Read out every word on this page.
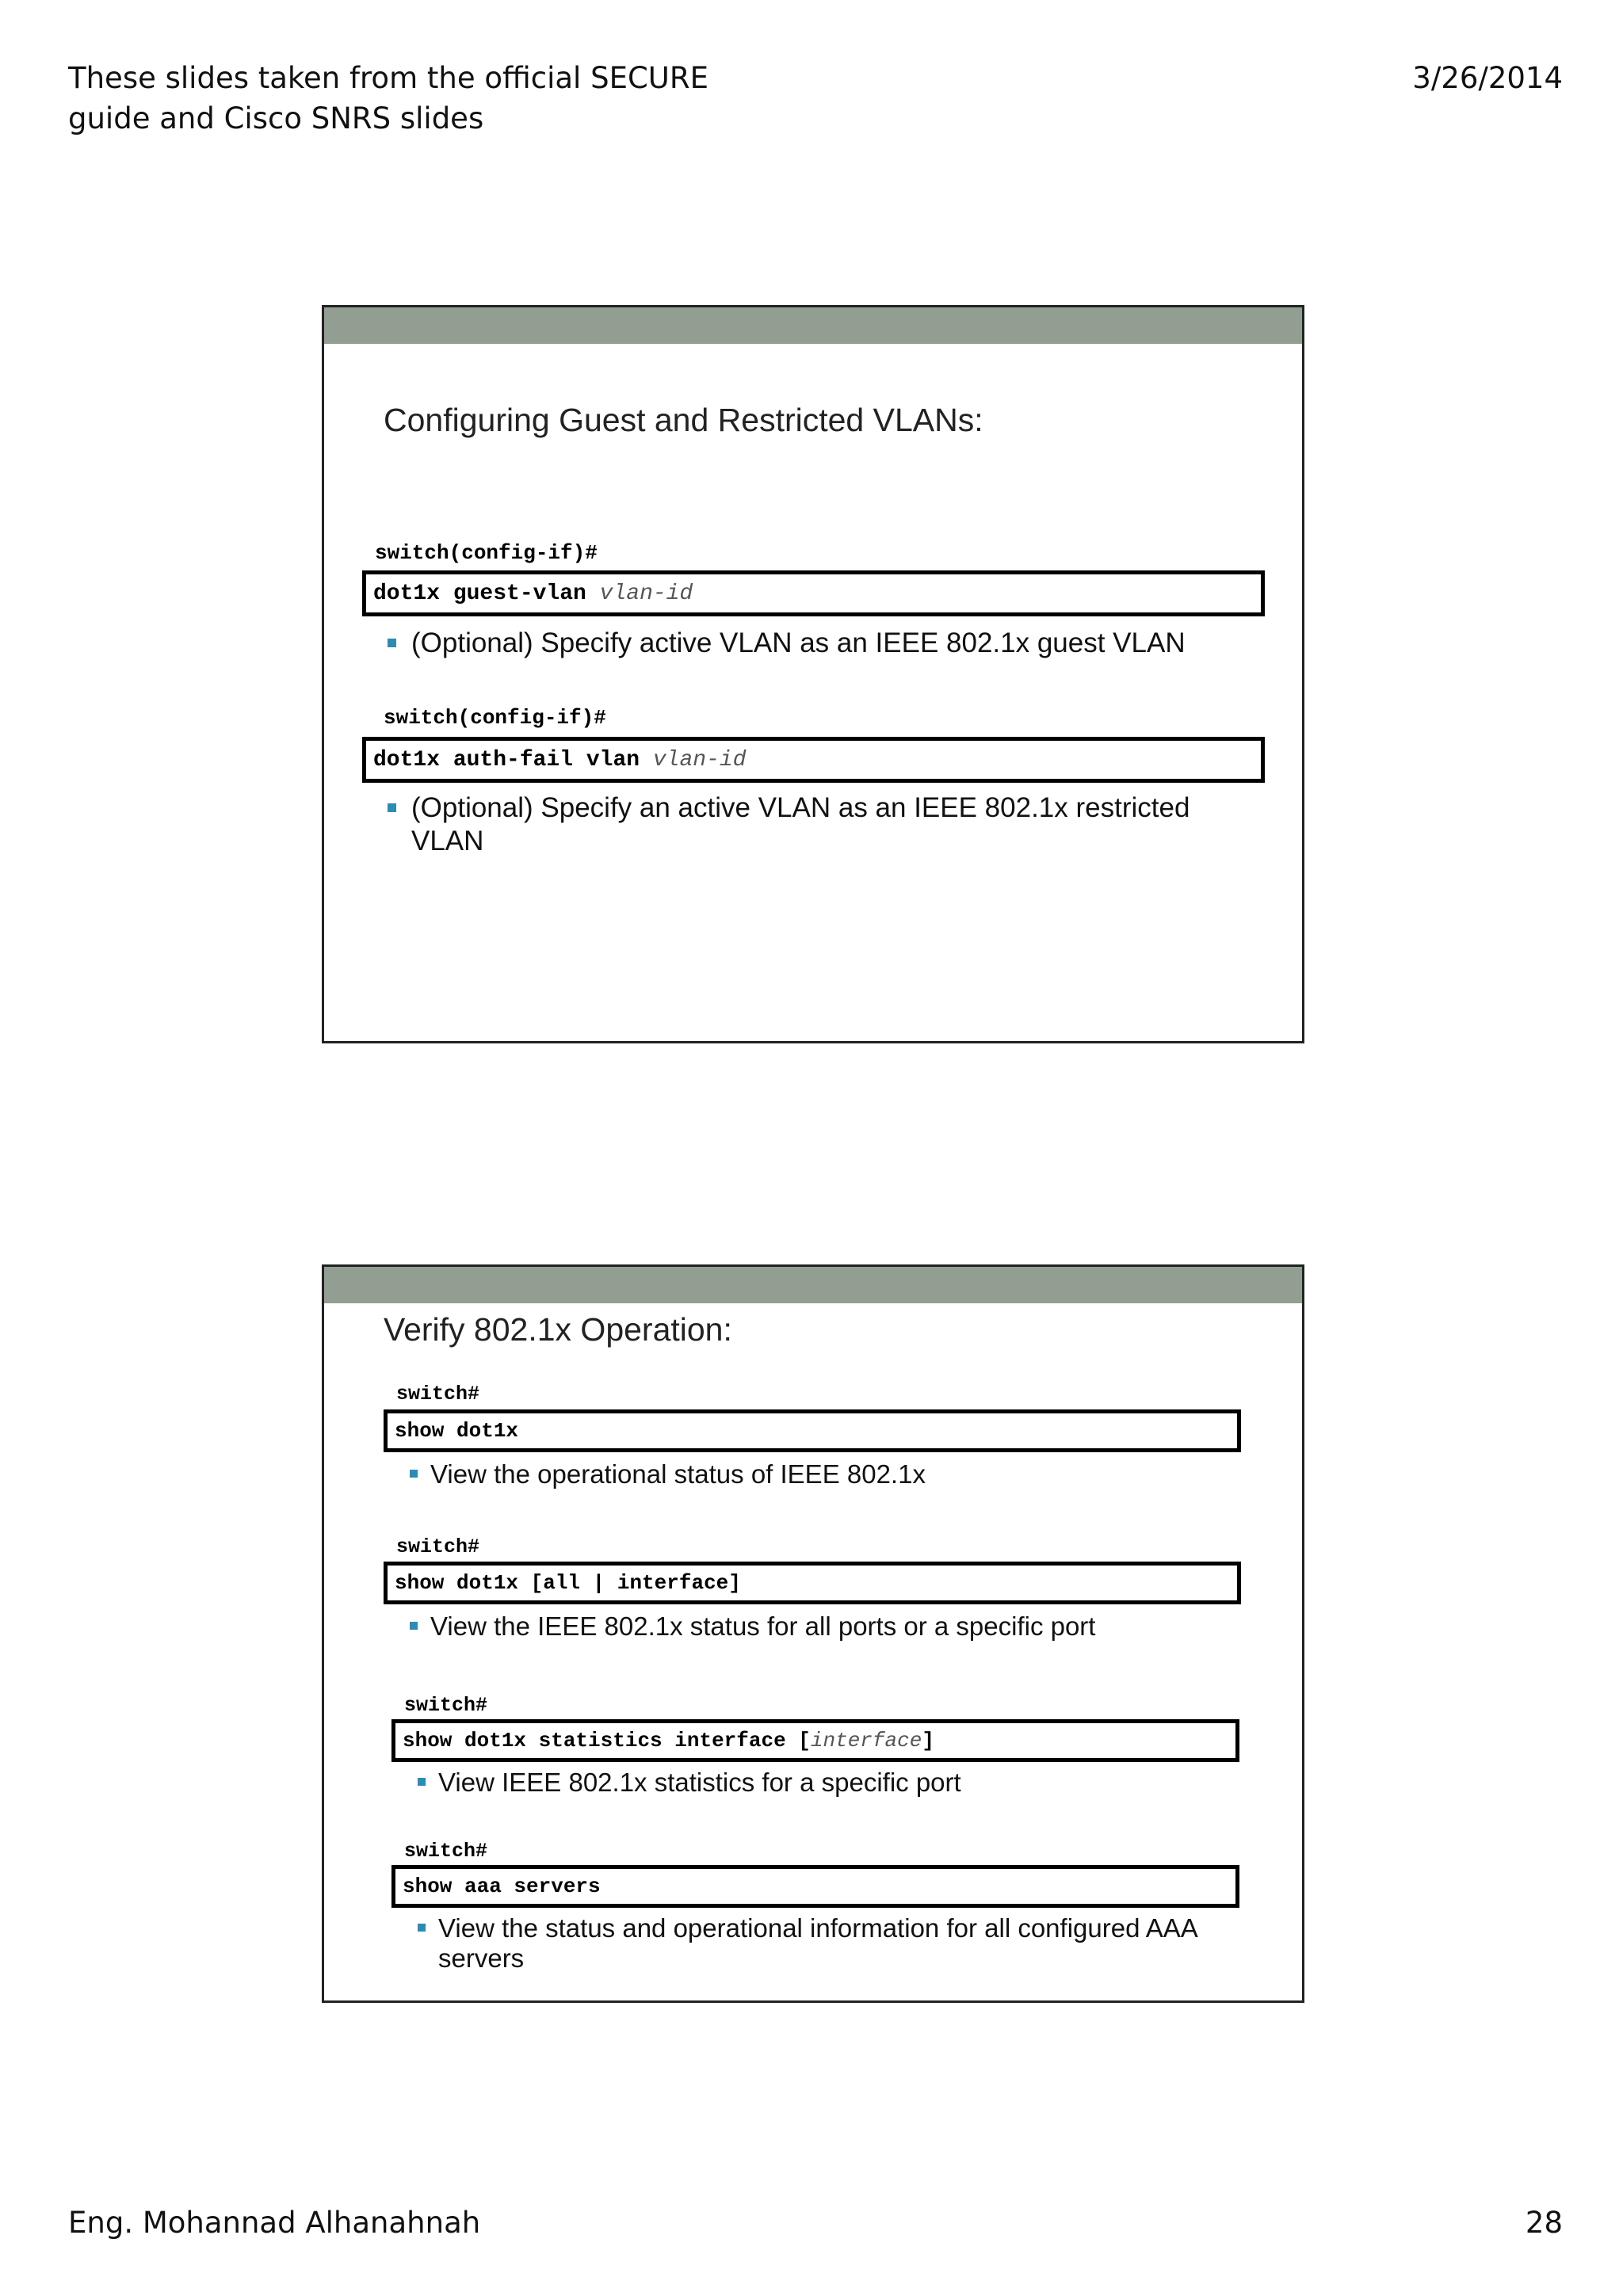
These slides taken from the official SECURE
guide and Cisco SNRS slides
3/26/2014
Configuring Guest and Restricted VLANs:
switch(config-if)#
dot1x guest-vlan
vlan-id
(Optional) Specify active VLAN as an IEEE 802.1x guest VLAN
switch(config-if)#
dot1x auth-fail vlan
vlan-id
(Optional) Specify an active VLAN as an IEEE 802.1x restricted
VLAN
Verify 802.1x Operation:
switch#
show dot1x
View the operational status of IEEE 802.1x
switch#
show dot1x [all | interface]
View the IEEE 802.1x status for all ports or a specific port
switch#
show dot1x statistics interface [ interface ]
View IEEE 802.1x statistics for a specific port
switch#
show aaa servers
View the status and operational information for all configured AAA
servers
Eng. Mohannad Alhanahnah	28
